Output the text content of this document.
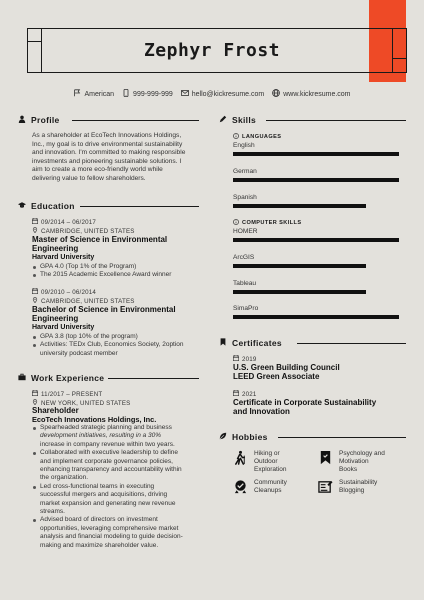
Zephyr Frost
American	999-999-999	hello@kickresume.com	www.kickresume.com
Profile
As a shareholder at EcoTech Innovations Holdings,
Inc., my goal is to drive environmental sustainability
and innovation. I'm committed to making responsible
investments and pioneering sustainable solutions. I
aim to create a more eco-friendly world while
delivering value to fellow shareholders.
Education
09/2014 – 06/2017
CAMBRIDGE, UNITED STATES
Master of Science in Environmental
Engineering
Harvard University
GPA 4.0 (Top 1% of the Program)
The 2015 Academic Excellence Award winner
09/2010 – 06/2014
CAMBRIDGE, UNITED STATES
Bachelor of Science in Environmental
Engineering
Harvard University
GPA 3.8 (top 10% of the program)
Activities: TEDx Club, Economics Society, 2option
university podcast member
Work Experience
11/2017 – PRESENT
NEW YORK, UNITED STATES
Shareholder
EcoTech Innovations Holdings, Inc.
Spearheaded strategic planning and business
development initiatives, resulting in a 30%
increase in company revenue within two years.
Collaborated with executive leadership to define
and implement corporate governance policies,
enhancing transparency and accountability within
the organization.
Led cross-functional teams in executing
successful mergers and acquisitions, driving
market expansion and generating new revenue
streams.
Advised board of directors on investment
opportunities, leveraging comprehensive market
analysis and financial modeling to guide decision-
making and maximize shareholder value.
Skills
LANGUAGES
English
German
Spanish
COMPUTER SKILLS
HOMER
ArcGIS
Tableau
SimaPro
Certificates
2019
U.S. Green Building Council
LEED Green Associate
2021
Certificate in Corporate Sustainability
and Innovation
Hobbies
Hiking or
Outdoor
Exploration
Psychology and
Motivation
Books
Community
Cleanups
Sustainability
Blogging
